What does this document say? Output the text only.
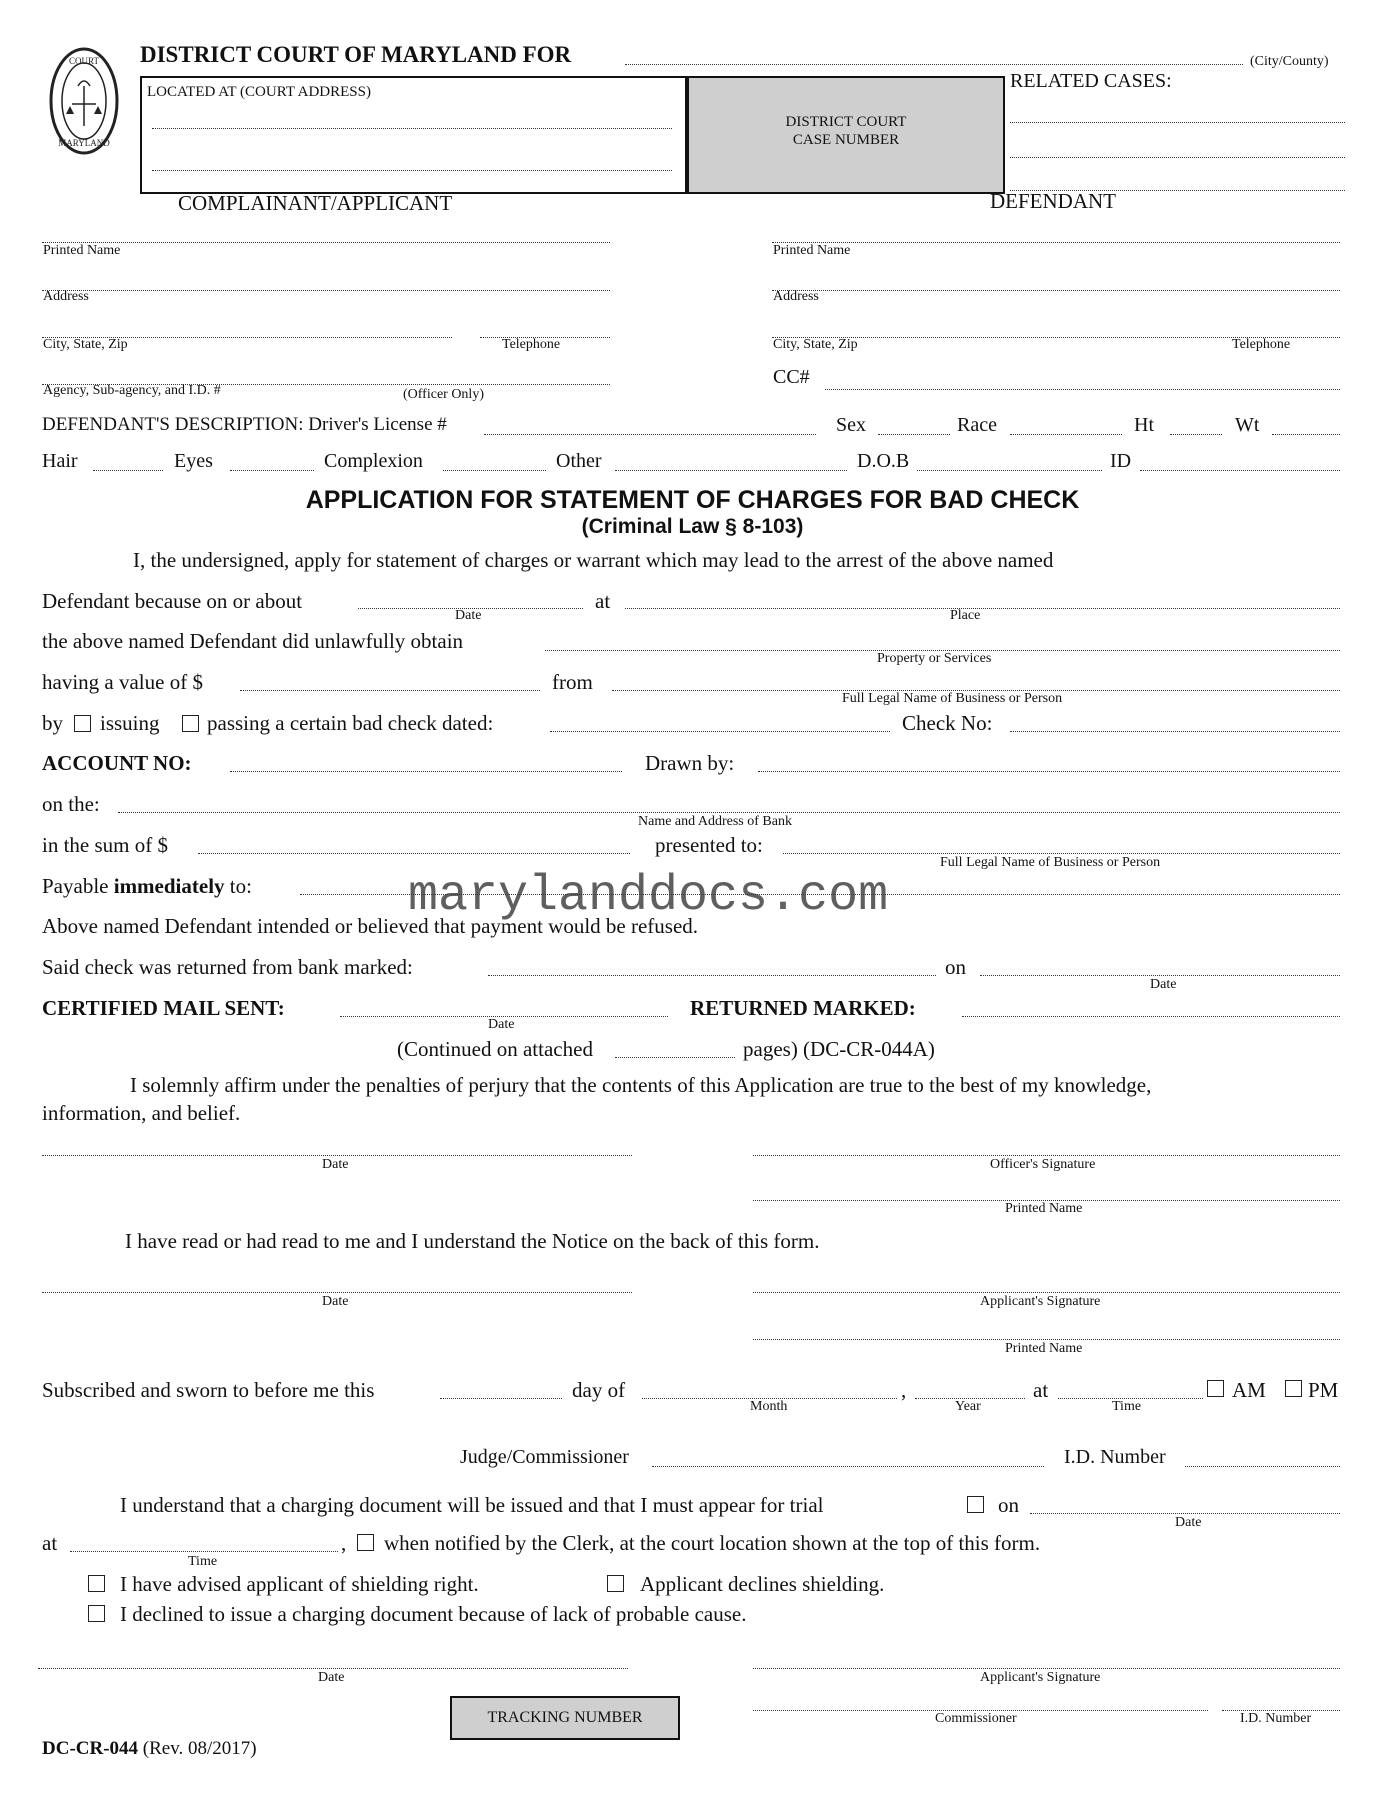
COURT
MARYLAND
DISTRICT COURT OF MARYLAND FOR	(City/County)
LOCATED AT (COURT ADDRESS)
DISTRICT COURT
CASE NUMBER
RELATED CASES:
COMPLAINANT/APPLICANT	DEFENDANT
Printed Name
Address
City, State, Zip	Telephone
Agency, Sub-agency, and I.D. #	(Officer Only)
Printed Name
Address
City, State, Zip	Telephone
CC#
DEFENDANT'S DESCRIPTION: Driver's License #	Sex	Race	Ht	Wt
Hair	Eyes	Complexion	Other	D.O.B	ID
APPLICATION FOR STATEMENT OF CHARGES FOR BAD CHECK
(Criminal Law § 8-103)
I, the undersigned, apply for statement of charges or warrant which may lead to the arrest of the above named
Defendant because on or about
Date
at
Place
the above named Defendant did unlawfully obtain
Property or Services
having a value of $	from
Full Legal Name of Business or Person
by issuing passing a certain bad check dated:	Check No:
ACCOUNT NO:	Drawn by:
on the:
Name and Address of Bank
in the sum of $	presented to:
Full Legal Name of Business or Person
Payable immediately to:	marylanddocs.com
Above named Defendant intended or believed that payment would be refused.
Said check was returned from bank marked:	on
Date
CERTIFIED MAIL SENT:
Date
RETURNED MARKED:
(Continued on attached	pages) (DC-CR-044A)
I solemnly affirm under the penalties of perjury that the contents of this Application are true to the best of my knowledge,
information, and belief.
Date	Officer's Signature
Printed Name
I have read or had read to me and I understand the Notice on the back of this form.
Date	Applicant's Signature
Printed Name
Subscribed and sworn to before me this	day of
Month
,
Year
at
Time
AM PM
Judge/Commissioner	I.D. Number
I understand that a charging document will be issued and that I must appear for trial	on
Date
at
Time
, when notified by the Clerk, at the court location shown at the top of this form.
I have advised applicant of shielding right.	Applicant declines shielding.
I declined to issue a charging document because of lack of probable cause.
Date	Applicant's Signature
Commissioner	I.D. Number
TRACKING NUMBER
DC-CR-044 (Rev. 08/2017)
